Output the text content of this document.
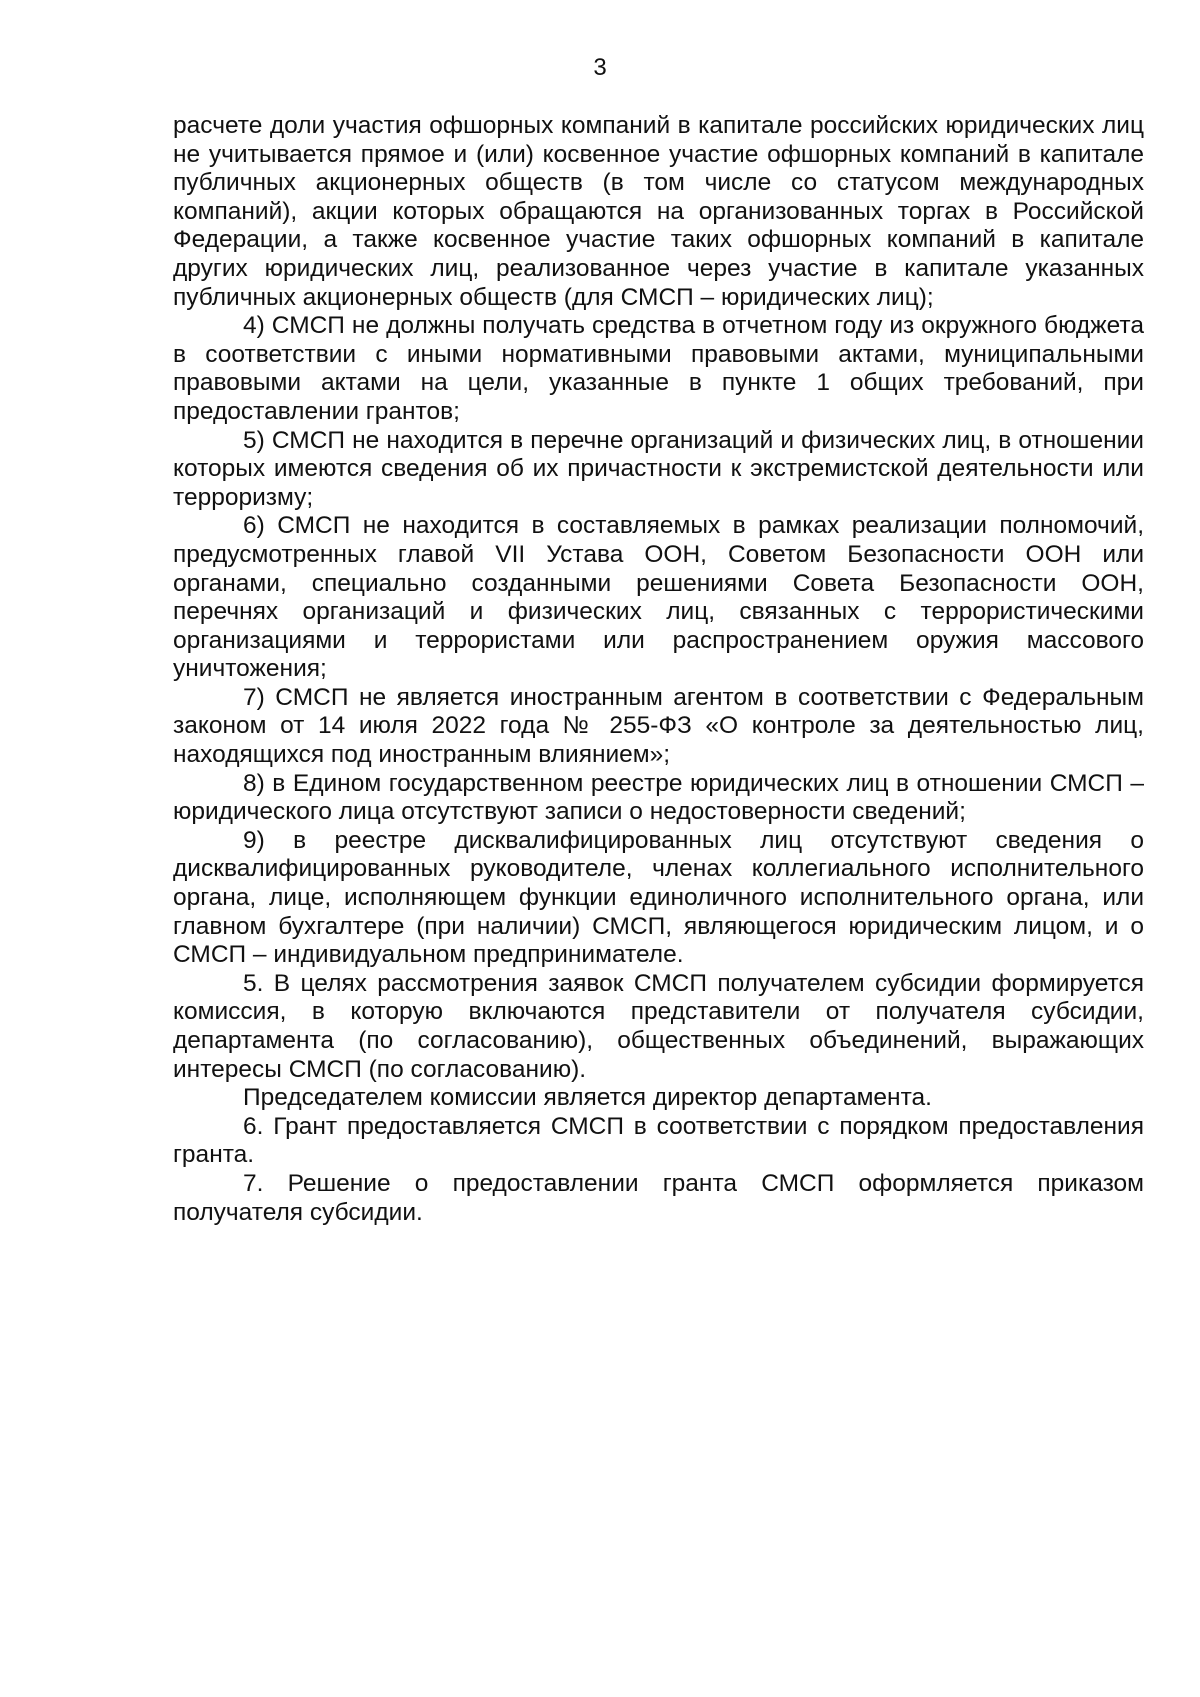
3

расчете доли участия офшорных компаний в капитале российских юридических лиц не учитывается прямое и (или) косвенное участие офшорных компаний в капитале публичных акционерных обществ (в том числе со статусом международных компаний), акции которых обращаются на организованных торгах в Российской Федерации, а также косвенное участие таких офшорных компаний в капитале других юридических лиц, реализованное через участие в капитале указанных публичных акционерных обществ (для СМСП – юридических лиц);

4) СМСП не должны получать средства в отчетном году из окружного бюджета в соответствии с иными нормативными правовыми актами, муниципальными правовыми актами на цели, указанные в пункте 1 общих требований, при предоставлении грантов;

5) СМСП не находится в перечне организаций и физических лиц, в отношении которых имеются сведения об их причастности к экстремистской деятельности или терроризму;

6) СМСП не находится в составляемых в рамках реализации полномочий, предусмотренных главой VII Устава ООН, Советом Безопасности ООН или органами, специально созданными решениями Совета Безопасности ООН, перечнях организаций и физических лиц, связанных с террористическими организациями и террористами или распространением оружия массового уничтожения;

7) СМСП не является иностранным агентом в соответствии с Федеральным законом от 14 июля 2022 года № 255-ФЗ «О контроле за деятельностью лиц, находящихся под иностранным влиянием»;

8) в Едином государственном реестре юридических лиц в отношении СМСП – юридического лица отсутствуют записи о недостоверности сведений;

9) в реестре дисквалифицированных лиц отсутствуют сведения о дисквалифицированных руководителе, членах коллегиального исполнительного органа, лице, исполняющем функции единоличного исполнительного органа, или главном бухгалтере (при наличии) СМСП, являющегося юридическим лицом, и о СМСП – индивидуальном предпринимателе.

5. В целях рассмотрения заявок СМСП получателем субсидии формируется комиссия, в которую включаются представители от получателя субсидии, департамента (по согласованию), общественных объединений, выражающих интересы СМСП (по согласованию).

Председателем комиссии является директор департамента.

6. Грант предоставляется СМСП в соответствии с порядком предоставления гранта.

7. Решение о предоставлении гранта СМСП оформляется приказом получателя субсидии.
